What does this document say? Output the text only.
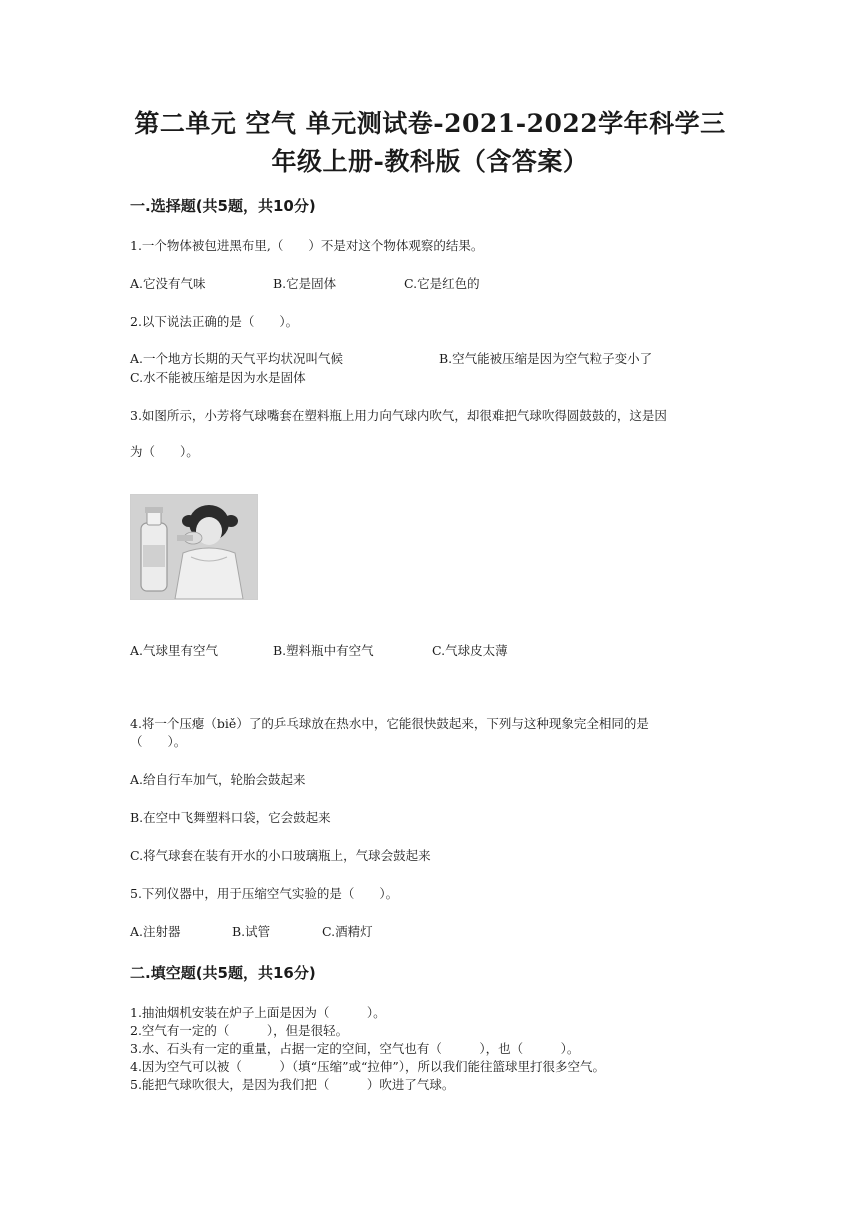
第二单元 空气 单元测试卷-2021-2022学年科学三
年级上册-教科版（含答案）
一.选择题(共5题，共10分)
1.一个物体被包进黑布里,（　　）不是对这个物体观察的结果。
A.它没有气味	B.它是固体	C.它是红色的
2.以下说法正确的是（　　）。
A.一个地方长期的天气平均状况叫气候	B.空气能被压缩是因为空气粒子变小了
C.水不能被压缩是因为水是固体
3.如图所示，小芳将气球嘴套在塑料瓶上用力向气球内吹气，却很难把气球吹得圆鼓鼓的，这是因
为（　　）。
A.气球里有空气	B.塑料瓶中有空气	C.气球皮太薄
4.将一个压瘪（biě）了的乒乓球放在热水中，它能很快鼓起来，下列与这种现象完全相同的是
（　　）。
A.给自行车加气，轮胎会鼓起来
B.在空中飞舞塑料口袋，它会鼓起来
C.将气球套在装有开水的小口玻璃瓶上，气球会鼓起来
5.下列仪器中，用于压缩空气实验的是（　　）。
A.注射器	B.试管	C.酒精灯
二.填空题(共5题，共16分)
1.抽油烟机安装在炉子上面是因为（　　　）。
2.空气有一定的（　　　），但是很轻。
3.水、石头有一定的重量，占据一定的空间，空气也有（　　　），也（　　　）。
4.因为空气可以被（　　　）（填“压缩”或“拉伸”），所以我们能往篮球里打很多空气。
5.能把气球吹很大，是因为我们把（　　　）吹进了气球。
